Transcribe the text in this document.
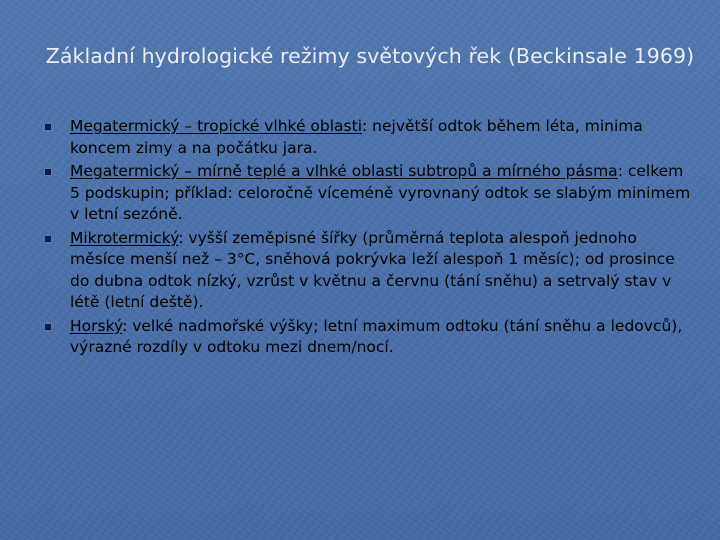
Základní hydrologické režimy světových řek (Beckinsale 1969)
Megatermický – tropické vlhké oblasti: největší odtok během léta, minima koncem zimy a na počátku jara.
Megatermický – mírně teplé a vlhké oblasti subtropů a mírného pásma: celkem 5 podskupin; příklad: celoročně víceméně vyrovnaný odtok se slabým minimem v letní sezóně.
Mikrotermický: vyšší zeměpisné šířky (průměrná teplota alespoň jednoho měsíce menší než – 3°C, sněhová pokrývka leží alespoň 1 měsíc); od prosince do dubna odtok nízký, vzrůst v květnu a červnu (tání sněhu) a setrvalý stav v létě (letní deště).
Horský: velké nadmořské výšky; letní maximum odtoku (tání sněhu a ledovců), výrazné rozdíly v odtoku mezi dnem/nocí.
